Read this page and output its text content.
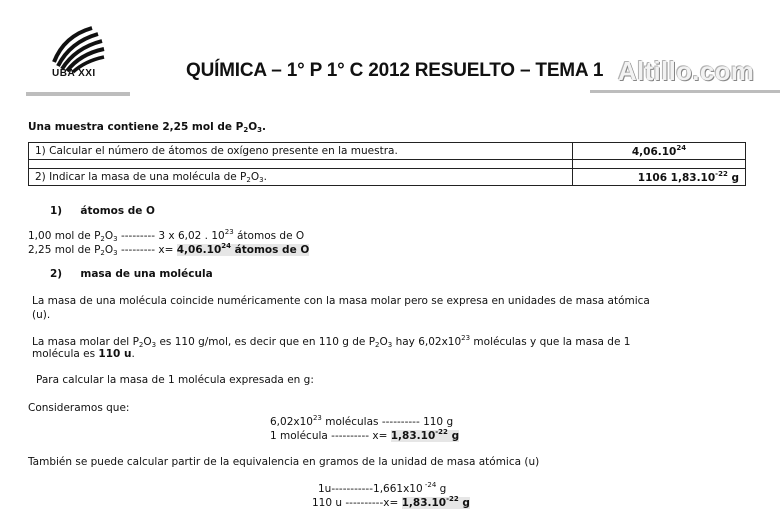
UBA XXI	QUÍMICA – 1° P 1° C 2012 RESUELTO – TEMA 1 Altillo.com
Una muestra contiene 2,25 mol de $P_2O_3$.
1) Calcular el número de átomos de oxígeno presente en la muestra.	4,06.10$^{24}$

2) Indicar la masa de una molécula de $P_2O_3$.	1106 $1,83.10^{-22}$ g
1) átomos de O
1,00 mol de $P_2O_3$ --------- 3 x 6,02 . $10^{23}$ átomos de O
2,25 mol de $P_2O_3$ --------- $x= 4,06.10^{24}$ átomos de O
2) masa de una molécula
La masa de una molécula coincide numéricamente con la masa molar pero se expresa en unidades de masa atómica
(u).
La masa molar del $P_2O_3$ es 110 g/mol, es decir que en 110 g de $P_2O_3$ hay $6,02x10^{23}$ moléculas y que la masa de 1
molécula es 110 u.
Para calcular la masa de 1 molécula expresada en g:
Consideramos que:
$6,02x10^{23}$ moléculas ---------- 110 g
1 molécula ---------- $x= 1,83.10^{-22}$ g
También se puede calcular partir de la equivalencia en gramos de la unidad de masa atómica (u)
1u-----------1,661x10 $^{-24}$ g
110 u $----------x= 1,83.10^{-22}$ g
